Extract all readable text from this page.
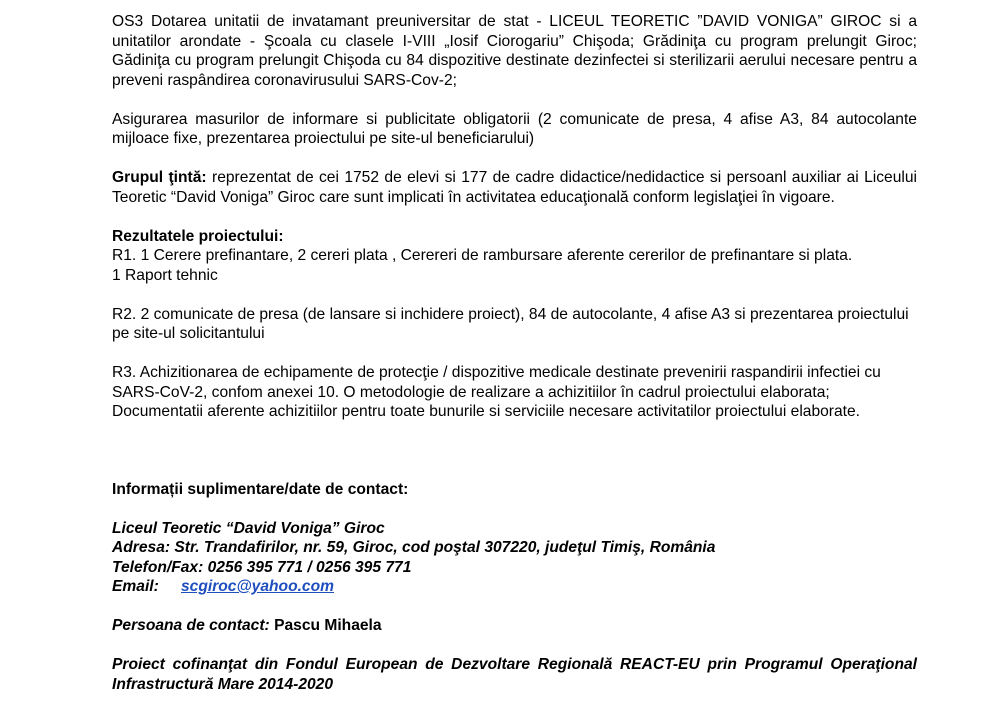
OS3 Dotarea unitatii de invatamant preuniversitar de stat - LICEUL TEORETIC ”DAVID VONIGA” GIROC si a unitatilor arondate - Şcoala cu clasele I-VIII „Iosif Ciorogariu” Chişoda; Grădiniţa cu program prelungit Giroc; Gădiniţa cu program prelungit Chişoda cu 84 dispozitive destinate dezinfectei si sterilizarii aerului necesare pentru a preveni raspândirea coronavirusului SARS-Cov-2;

Asigurarea masurilor de informare si publicitate obligatorii (2 comunicate de presa, 4 afise A3, 84 autocolante mijloace fixe, prezentarea proiectului pe site-ul beneficiarului)

Grupul ţintă: reprezentat de cei 1752 de elevi si 177 de cadre didactice/nedidactice si persoanl auxiliar ai Liceului Teoretic “David Voniga” Giroc care sunt implicati în activitatea educaţională conform legislaţiei în vigoare.

Rezultatele proiectului:

R1. 1 Cerere prefinantare, 2 cereri plata , Cerereri de rambursare aferente cererilor de prefinantare si plata.

1 Raport tehnic

R2. 2 comunicate de presa (de lansare si inchidere proiect), 84 de autocolante, 4 afise A3 si prezentarea proiectului pe site-ul solicitantului

R3. Achizitionarea de echipamente de protecţie / dispozitive medicale destinate prevenirii raspandirii infectiei cu SARS-CoV-2, confom anexei 10. O metodologie de realizare a achizitiilor în cadrul proiectului elaborata; Documentatii aferente achizitiilor pentru toate bunurile si serviciile necesare activitatilor proiectului elaborate.

Informații suplimentare/date de contact:

Liceul Teoretic “David Voniga” Giroc

Adresa: Str. Trandafirilor, nr. 59, Giroc, cod poştal 307220, judeţul Timiş, România

Telefon/Fax: 0256 395 771 / 0256 395 771

Email: scgiroc@yahoo.com

Persoana de contact: Pascu Mihaela

Proiect cofinanţat din Fondul European de Dezvoltare Regională REACT-EU prin Programul Operaţional Infrastructură Mare 2014-2020
